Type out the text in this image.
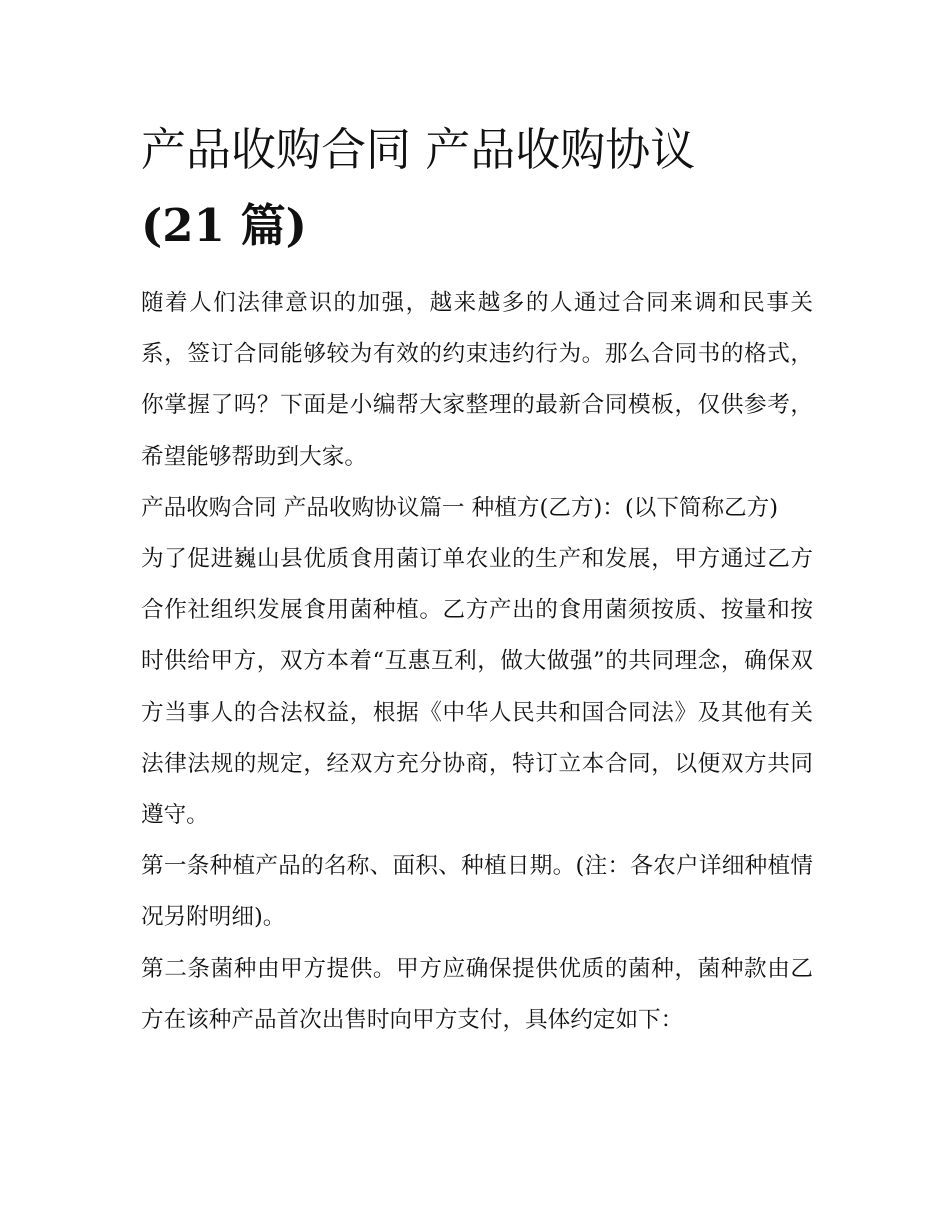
产品收购合同 产品收购协议
(21 篇)

随着人们法律意识的加强，越来越多的人通过合同来调和民事关系，签订合同能够较为有效的约束违约行为。那么合同书的格式，你掌握了吗？下面是小编帮大家整理的最新合同模板，仅供参考，希望能够帮助到大家。

产品收购合同 产品收购协议篇一 种植方(乙方)：(以下简称乙方)

为了促进巍山县优质食用菌订单农业的生产和发展，甲方通过乙方合作社组织发展食用菌种植。乙方产出的食用菌须按质、按量和按时供给甲方，双方本着“互惠互利，做大做强”的共同理念，确保双方当事人的合法权益，根据《中华人民共和国合同法》及其他有关法律法规的规定，经双方充分协商，特订立本合同，以便双方共同遵守。

第一条种植产品的名称、面积、种植日期。(注：各农户详细种植情况另附明细)。

第二条菌种由甲方提供。甲方应确保提供优质的菌种，菌种款由乙方在该种产品首次出售时向甲方支付，具体约定如下：
